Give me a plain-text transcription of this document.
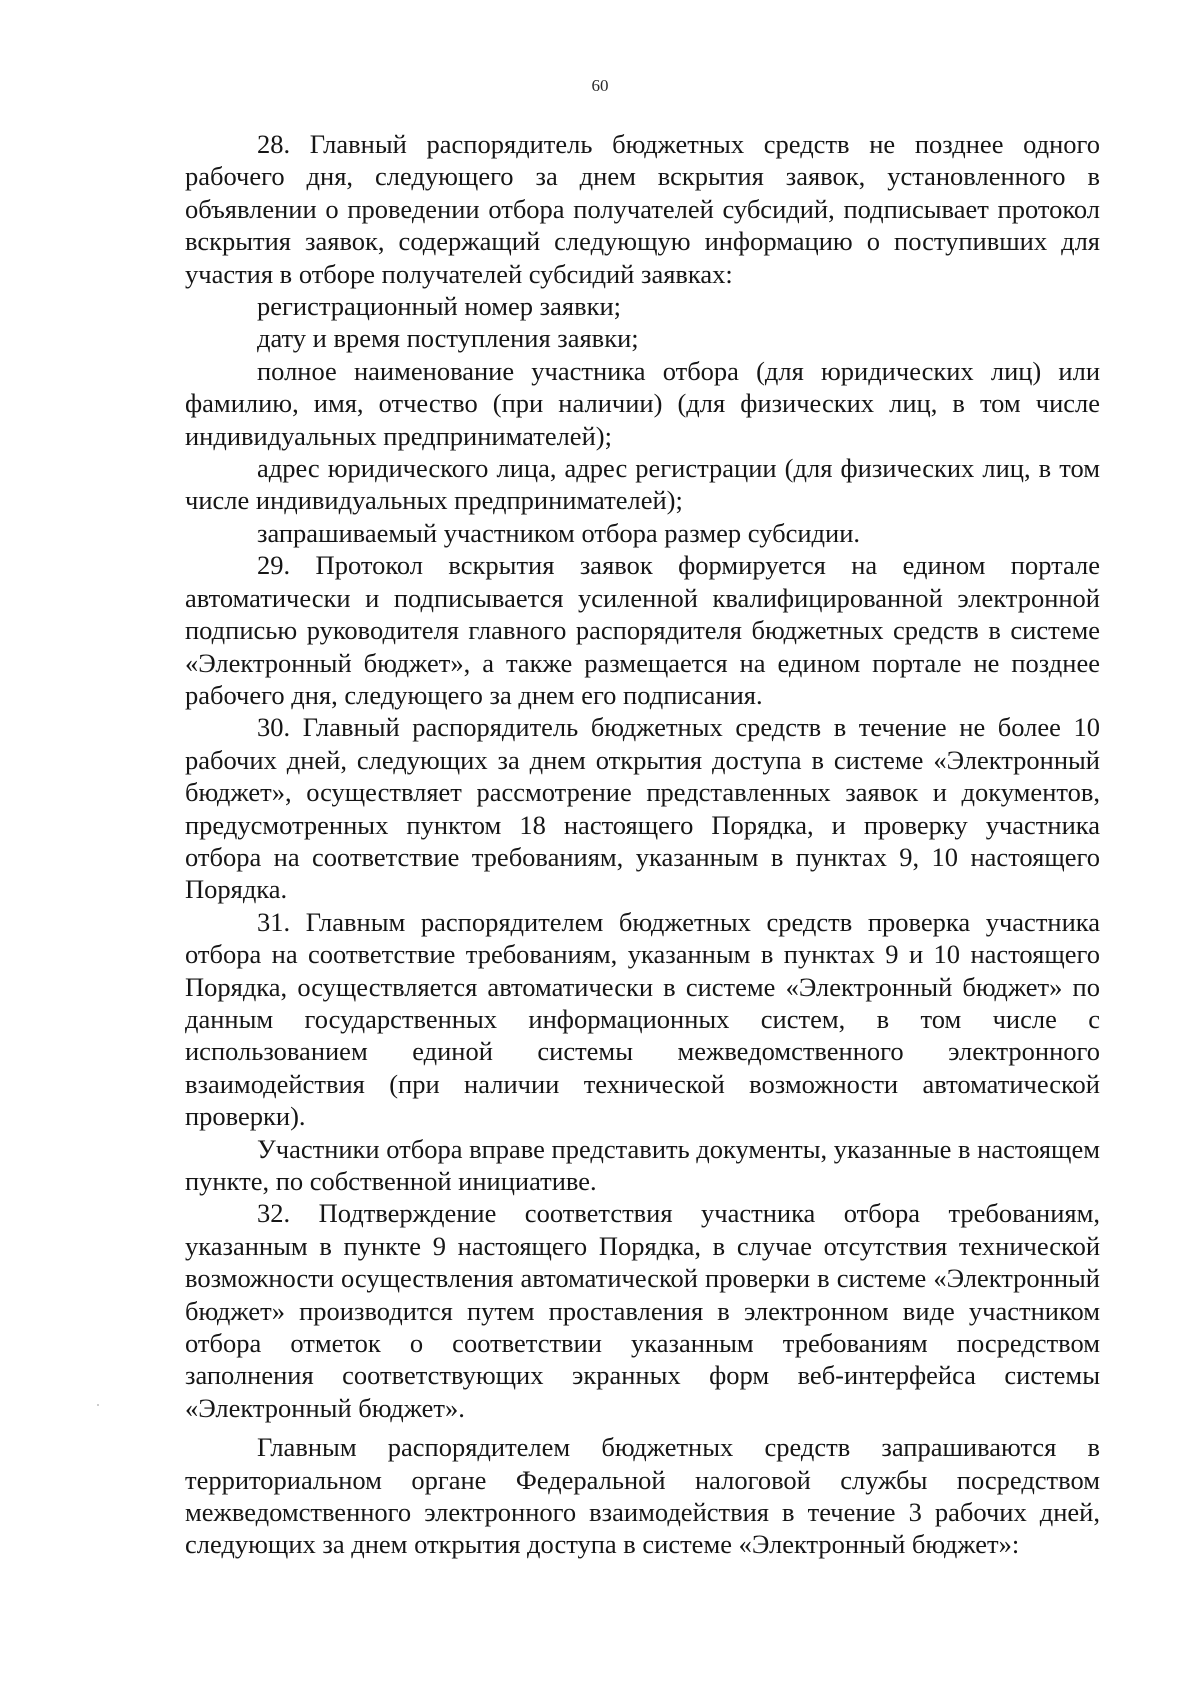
60

28. Главный распорядитель бюджетных средств не позднее одного рабочего дня, следующего за днем вскрытия заявок, установленного в объявлении о проведении отбора получателей субсидий, подписывает протокол вскрытия заявок, содержащий следующую информацию о поступивших для участия в отборе получателей субсидий заявках:

регистрационный номер заявки;

дату и время поступления заявки;

полное наименование участника отбора (для юридических лиц) или фамилию, имя, отчество (при наличии) (для физических лиц, в том числе индивидуальных предпринимателей);

адрес юридического лица, адрес регистрации (для физических лиц, в том числе индивидуальных предпринимателей);

запрашиваемый участником отбора размер субсидии.

29. Протокол вскрытия заявок формируется на едином портале автоматически и подписывается усиленной квалифицированной электронной подписью руководителя главного распорядителя бюджетных средств в системе «Электронный бюджет», а также размещается на едином портале не позднее рабочего дня, следующего за днем его подписания.

30. Главный распорядитель бюджетных средств в течение не более 10 рабочих дней, следующих за днем открытия доступа в системе «Электронный бюджет», осуществляет рассмотрение представленных заявок и документов, предусмотренных пунктом 18 настоящего Порядка, и проверку участника отбора на соответствие требованиям, указанным в пунктах 9, 10 настоящего Порядка.

31. Главным распорядителем бюджетных средств проверка участника отбора на соответствие требованиям, указанным в пунктах 9 и 10 настоящего Порядка, осуществляется автоматически в системе «Электронный бюджет» по данным государственных информационных систем, в том числе с использованием единой системы межведомственного электронного взаимодействия (при наличии технической возможности автоматической проверки).

Участники отбора вправе представить документы, указанные в настоящем пункте, по собственной инициативе.

32. Подтверждение соответствия участника отбора требованиям, указанным в пункте 9 настоящего Порядка, в случае отсутствия технической возможности осуществления автоматической проверки в системе «Электронный бюджет» производится путем проставления в электронном виде участником отбора отметок о соответствии указанным требованиям посредством заполнения соответствующих экранных форм веб-интерфейса системы «Электронный бюджет».

Главным распорядителем бюджетных средств запрашиваются в территориальном органе Федеральной налоговой службы посредством межведомственного электронного взаимодействия в течение 3 рабочих дней, следующих за днем открытия доступа в системе «Электронный бюджет»:
